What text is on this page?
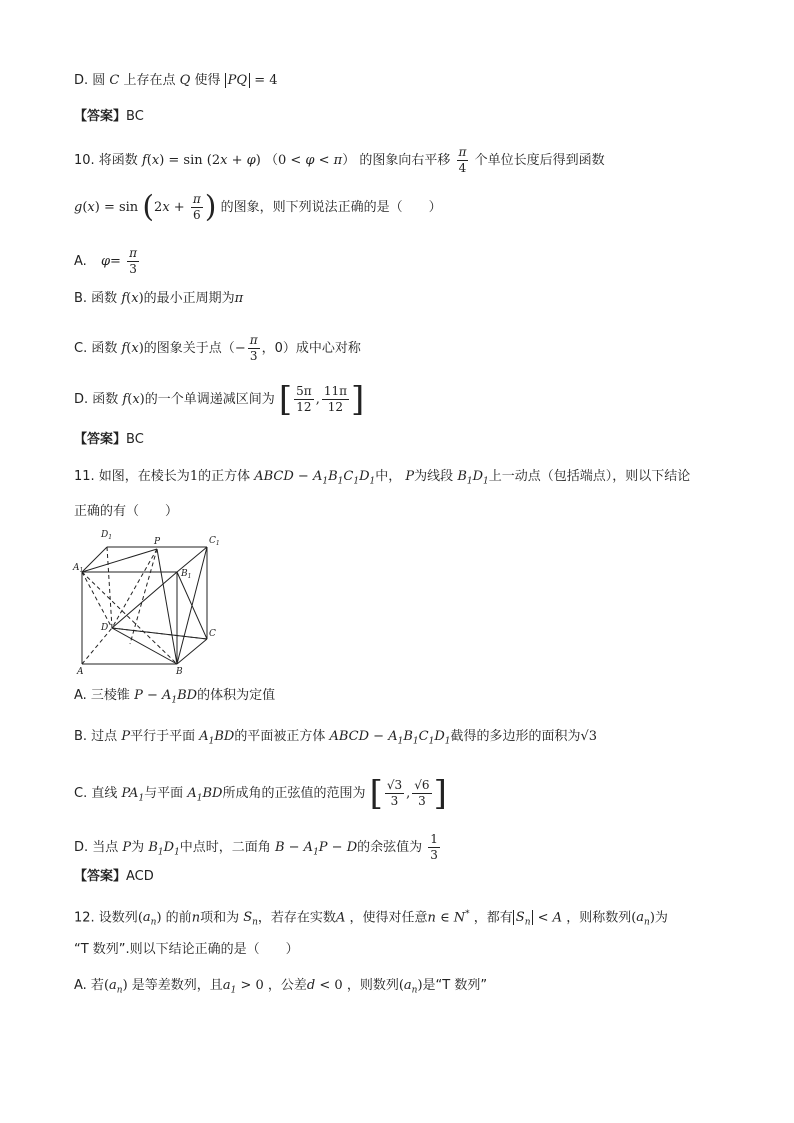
D. 圆 C 上存在点 Q 使得 PQ = 4
【答案】BC
10. 将函数 f(x) = sin (2x + φ) （0 < φ < π） 的图象向右平移 $\frac{\pi}{4}$ 个单位长度后得到函数
$g(x) = \sin (2x + \frac{\pi}{6}$ ) 的图象，则下列说法正确的是（　　）
A. $\varphi= \frac{\pi}{3}$
B. 函数 f(x)的最小正周期为π
C. 函数 f(x)的图象关于点（− $\frac{\pi}{3}$ ，0）成中心对称
D. 函数 f(x)的一个单调递减区间为 [ $\frac{5\pi}{12}$ , $\frac{11\pi}{12}$ ]
【答案】BC
11. 如图，在棱长为1的正方体 ABCD − $A_1B_1C_1D_1$中， P为线段 $B_1D_1$上一动点（包括端点），则以下结论
正确的有（　　）
$D_1$	$C_1$
$A_1$	$B_1$
P
D
C
A	B
A. 三棱锥 $P - A_1BD$的体积为定值
B. 过点 P平行于平面 $A_1BD$的平面被正方体 ABCD − $A_1B_1C_1D_1$截得的多边形的面积为√3
C. 直线 $PA_1$与平面 $A_1BD$所成角的正弦值的范围为 [ $\frac{√3}{3}$ , $\frac{√6}{3}$ ]
D. 当点 P为 $B_1D_1$中点时，二面角 $B - A_1P - D$的余弦值为 $\frac{1}{3}$
【答案】ACD
12. 设数列$(a_n)$ 的前n项和为 $S_n$，若存在实数A ，使得对任意n ∈ N* ，都有 $S_n < A$ ，则称数列$(a_n)$为
“T 数列”.则以下结论正确的是（　　）
A. 若$(a_n)$ 是等差数列，且$a_1 > 0$ ，公差d < 0 ，则数列$(a_n)$是“T 数列”
